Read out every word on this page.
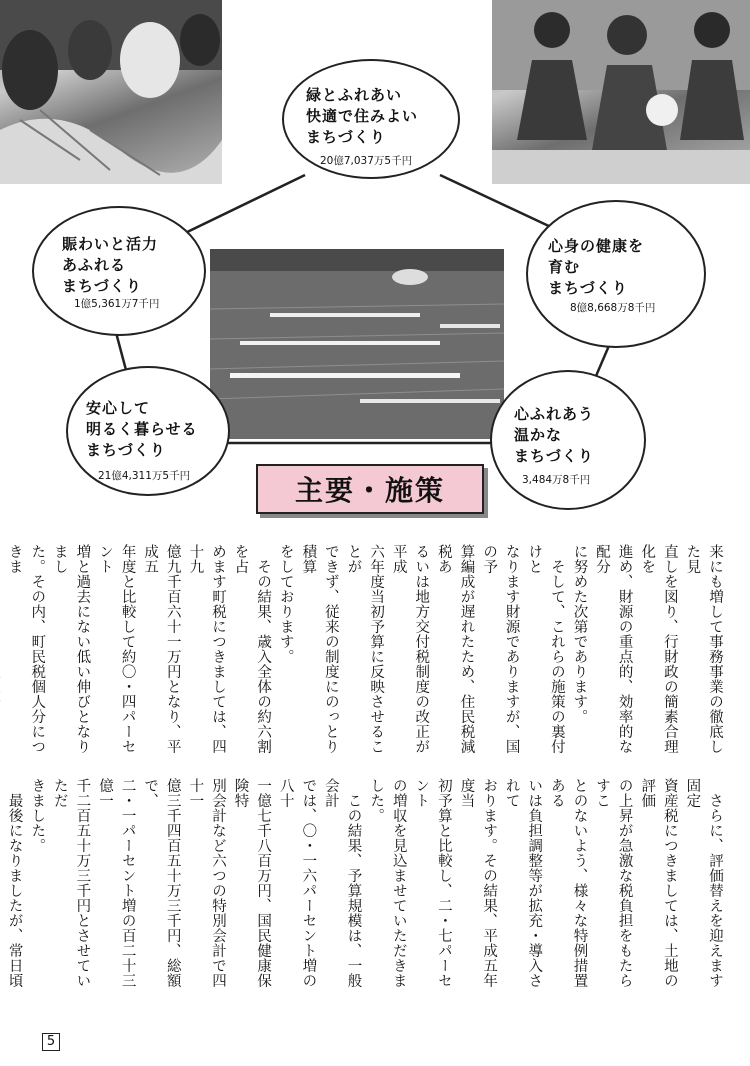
緑とふれあい
快適で住みよい
まちづくり
20億7,037万5千円
賑わいと活力
あふれる
まちづくり
1億5,361万7千円
心身の健康を
育む
まちづくり
8億8,668万8千円
安心して
明るく暮らせる
まちづくり
21億4,311万5千円
心ふれあう
温かな
まちづくり
3,484万8千円
主要・施策
来にも増して事務事業の徹底した見
直しを図り、行財政の簡素合理化を
進め、財源の重点的、効率的な配分
に努めた次第であります。
　そして、これらの施策の裏付けと
なります財源でありますが、国の予
算編成が遅れたため、住民税減税あ
るいは地方交付税制度の改正が平成
六年度当初予算に反映させることが
できず、従来の制度にのっとり積算
をしております。
　その結果、歳入全体の約六割を占
めます町税につきましては、四十九
億九千百六十一万円となり、平成五
年度と比較して約〇・四パーセント
増と過去にない低い伸びとなりまし
た。その内、町民税個人分につきま

　さらに、評価替えを迎えます固定
資産税につきましては、土地の評価
の上昇が急激な税負担をもたらすこ
とのないよう、様々な特例措置ある
いは負担調整等が拡充・導入されて
おります。その結果、平成五年度当
初予算と比較し、二・七パーセント
の増収を見込ませていただきました。
　この結果、予算規模は、一般会計
では、〇・一六パーセント増の八十
一億七千八百万円、国民健康保険特
別会計など六つの特別会計で四十一
億三千四百五十万三千円、総額で、
二・一パーセント増の百二十三億一
千二百五十万三千円とさせていただ
きました。
　最後になりましたが、常日頃

5
